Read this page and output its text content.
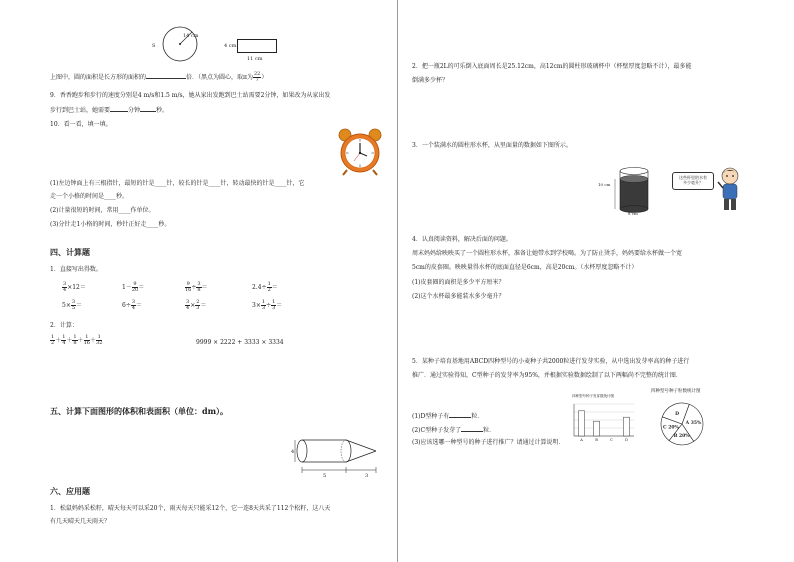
S
14 cm
4 cm
11 cm
上图中，圆的面积是长方形的面积的	倍．（黑点为圆心，取π为 $\frac{22}{7}$ ）
9．香香跑步和步行的速度分别是4 m/s和1.5 m/s，她从家出发跑到巴士站需要2分钟，如果改为从家出发
步行到巴士站，她需要	分钟	秒。
10．看一看，填一填。
(1)左边钟面上有三根指针，最短的针是____针，较长的针是____针，转动最快的针是____针，它
走一个小格的时间是____秒。
(2)计量很短的时间，常用____作单位。
(3)分针走1小格的时间，秒针正好走____秒。
四、计算题
1．直接写出得数。
$\frac{3}{4} \times 12=$	$1- \frac{9}{20}$ ＝	$\frac{9}{16} \div \frac{3}{8}$ ＝	$2.4\div \frac{1}{2}$ ＝
$5\times \frac{3}{5}$ ＝	$6\div \frac{3}{4}$ ＝	$\frac{3}{4} \times \frac{2}{3}$ ＝	$3\times \frac{1}{3} \div \frac{1}{3}$ ＝
2．计算：
$\frac{1}{2} + \frac{1}{4} + \frac{1}{8} + \frac{1}{16} + \frac{1}{32}$	9999 × 2222 + 3333 × 3334
五、计算下面图形的体积和表面积（单位：dm）。
4
5	3
六、应用题
1．松鼠妈妈采松籽，晴天每天可以采20个，雨天每天只能采12个，它一连8天共采了112个松籽，这八天
有几天晴天几天雨天？
2．把一瓶2L的可乐倒入底面周长是25.12cm，高12cm的圆柱形玻璃杯中（杯壁厚度忽略不计），最多能
倒满多少杯？
3．一个装满水的圆柱形水杯，从里面量的数据如下图所示。
10 cm
8 cm
这些杯里的水有
多少毫升？
4．认真阅读资料，解决后面的问题。
周末妈妈给映映买了一个圆柱形水杯，准备让她带水到学校喝。为了防止烫手，妈妈要给水杯做一个宽
5cm的皮套圈。映映量得水杯的底面直径是6cm，高是20cm。（水杯厚度忽略不计）
(1)皮套圈的面积是多少平方厘米？
(2)这个水杯最多能装水多少毫升？
5．某种子培育基地用ABCD四种型号的小麦种子共2000粒进行发芽实验，从中选出发芽率高的种子进行
推广．通过实验得知，C型种子的发芽率为95%，并根据实验数据绘制了以下两幅尚不完整的统计图．
(1)D型种子有	粒．
(2)C型种子发芽了	粒．
(3)应该选哪一种型号的种子进行推广？请通过计算说明．
四种型号种子发芽数统计图
A	B	C	D
四种型号种子粒数统计图
A 35%
B 20%
C 20%
D
